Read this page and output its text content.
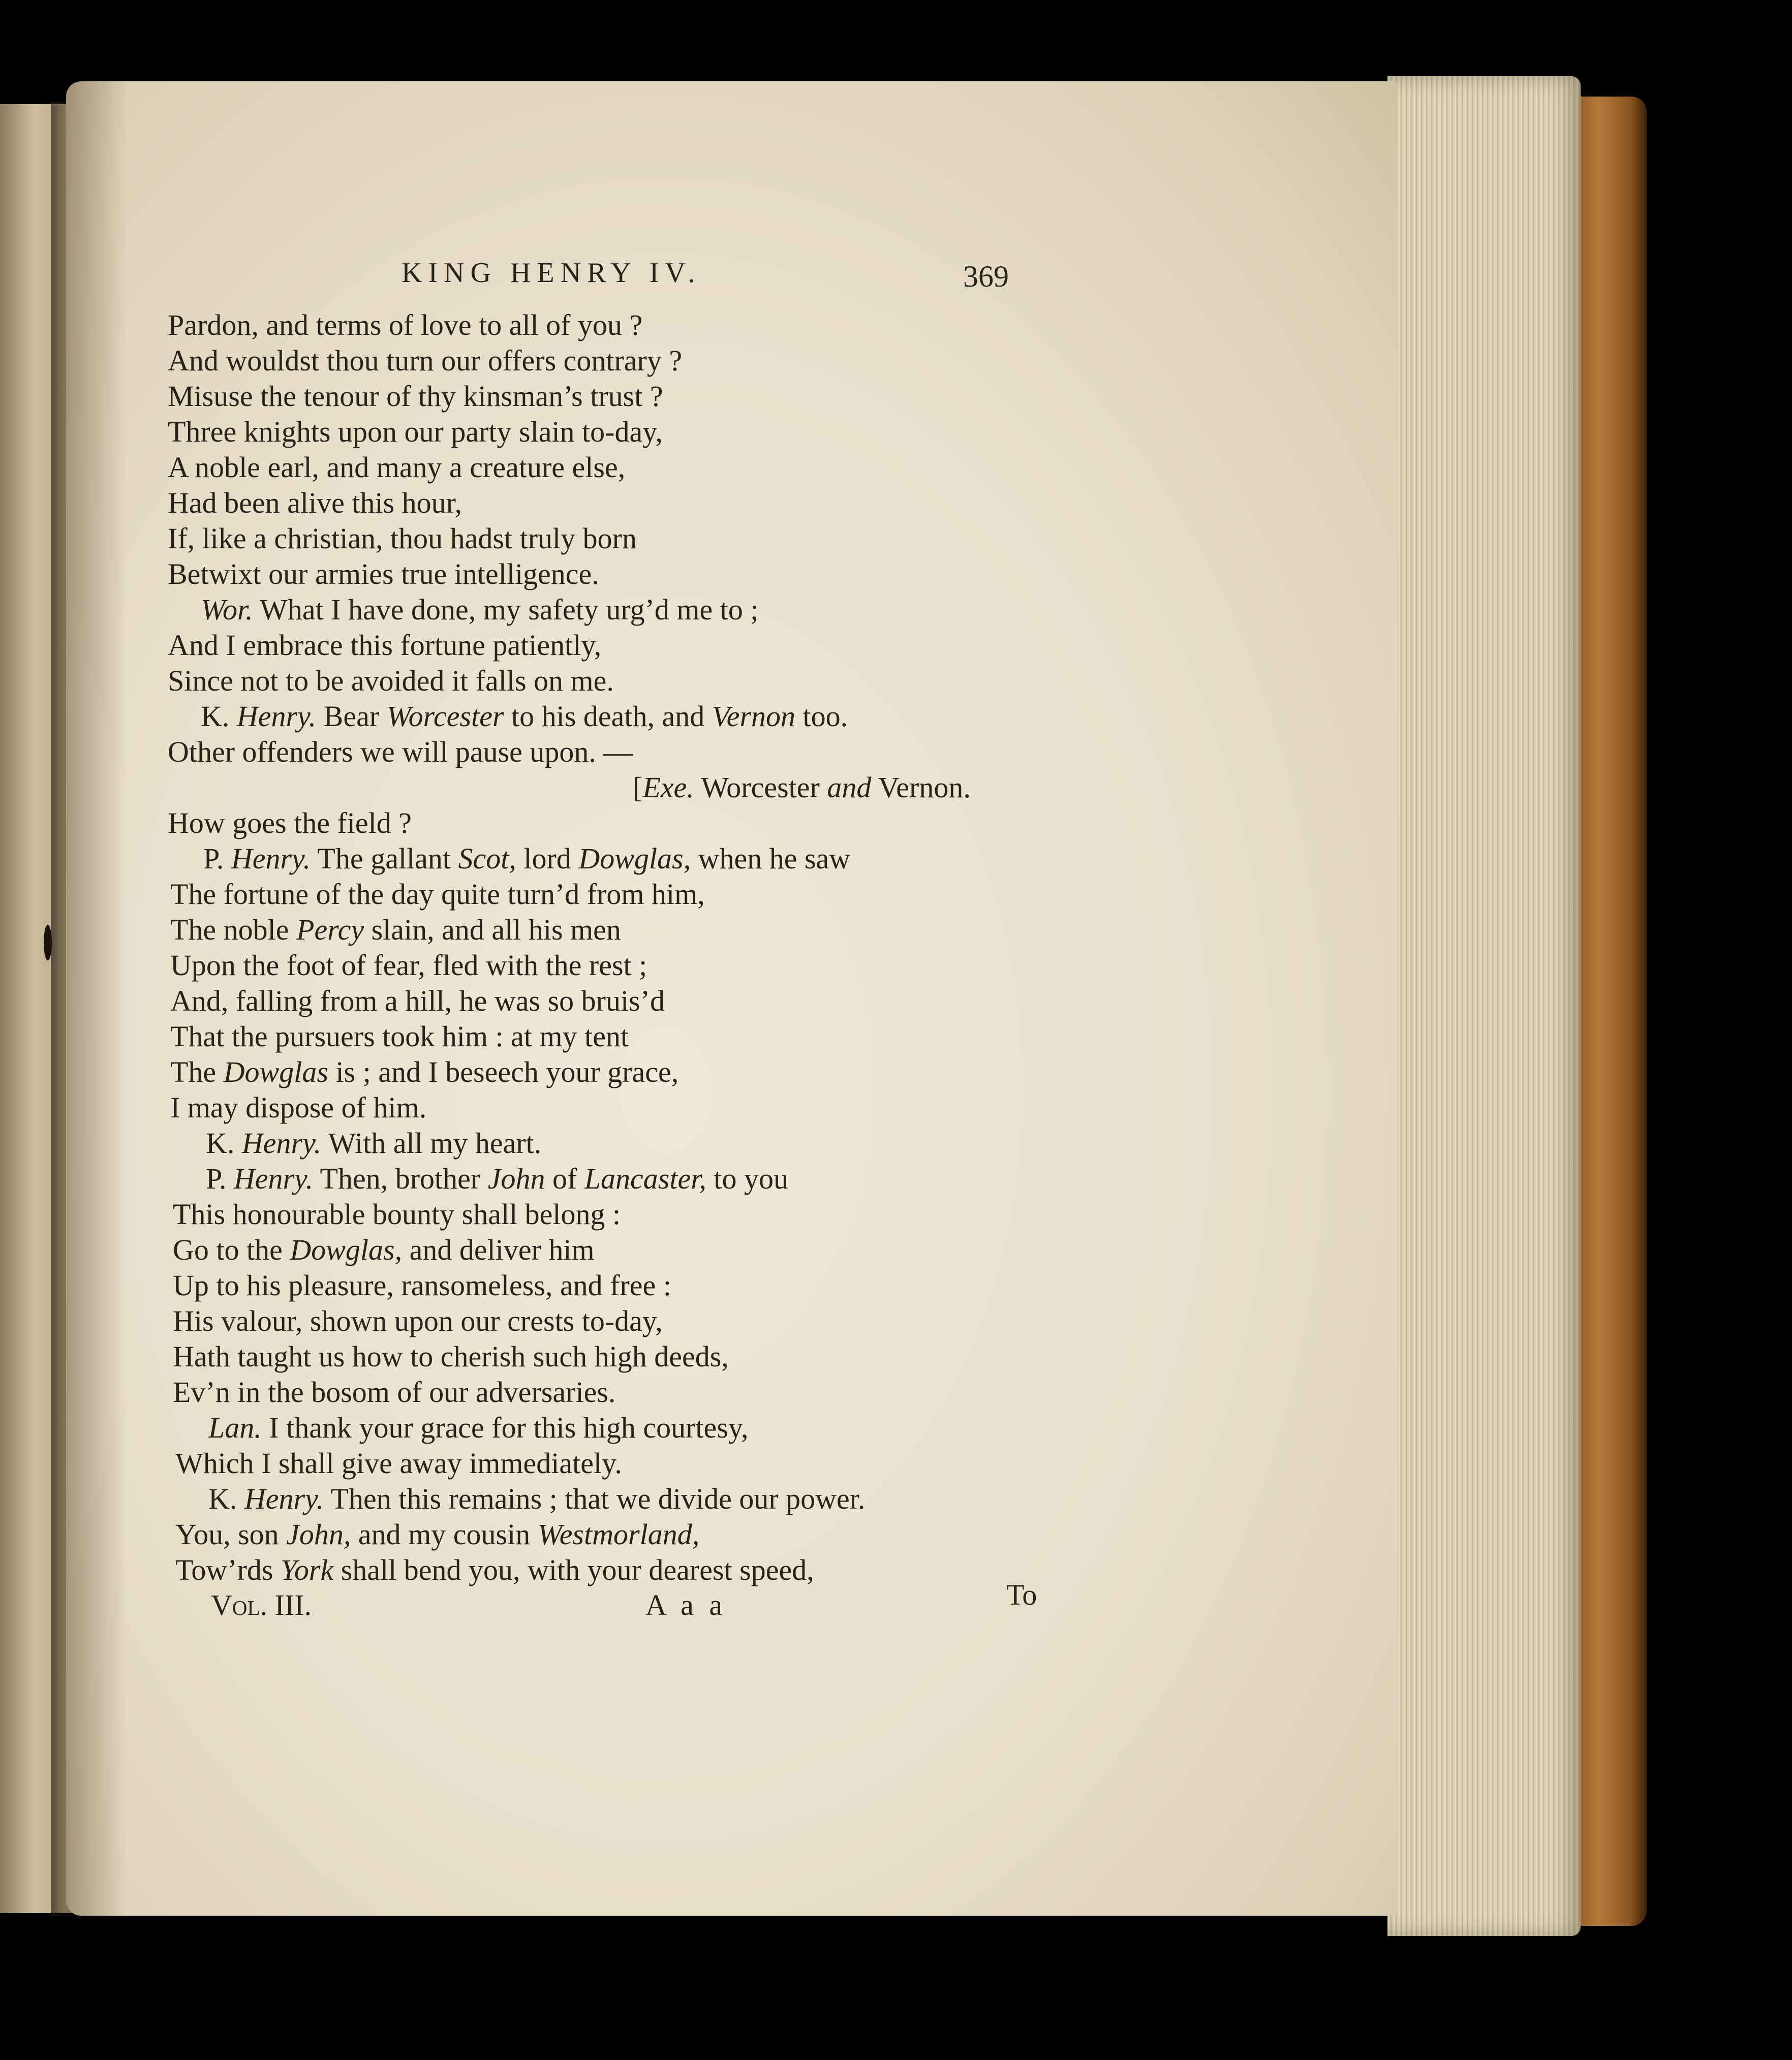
KING HENRY IV.	369
Pardon, and terms of love to all of you ?
And wouldst thou turn our offers contrary ?
Misuse the tenour of thy kinsman’s trust ?
Three knights upon our party slain to-day,
A noble earl, and many a creature else,
Had been alive this hour,
If, like a christian, thou hadst truly born
Betwixt our armies true intelligence.
Wor. What I have done, my safety urg’d me to ;
And I embrace this fortune patiently,
Since not to be avoided it falls on me.
K. Henry. Bear Worcester to his death, and Vernon too.
Other offenders we will pause upon. —
[Exe. Worcester and Vernon.
How goes the field ?
P. Henry. The gallant Scot, lord Dowglas, when he saw
The fortune of the day quite turn’d from him,
The noble Percy slain, and all his men
Upon the foot of fear, fled with the rest ;
And, falling from a hill, he was so bruis’d
That the pursuers took him : at my tent
The Dowglas is ; and I beseech your grace,
I may dispose of him.
K. Henry. With all my heart.
P. Henry. Then, brother John of Lancaster, to you
This honourable bounty shall belong :
Go to the Dowglas, and deliver him
Up to his pleasure, ransomeless, and free :
His valour, shown upon our crests to-day,
Hath taught us how to cherish such high deeds,
Ev’n in the bosom of our adversaries.
Lan. I thank your grace for this high courtesy,
Which I shall give away immediately.
K. Henry. Then this remains ; that we divide our power.
You, son John, and my cousin Westmorland,
Tow’rds York shall bend you, with your dearest speed,
Vol. III.	A a a	To
